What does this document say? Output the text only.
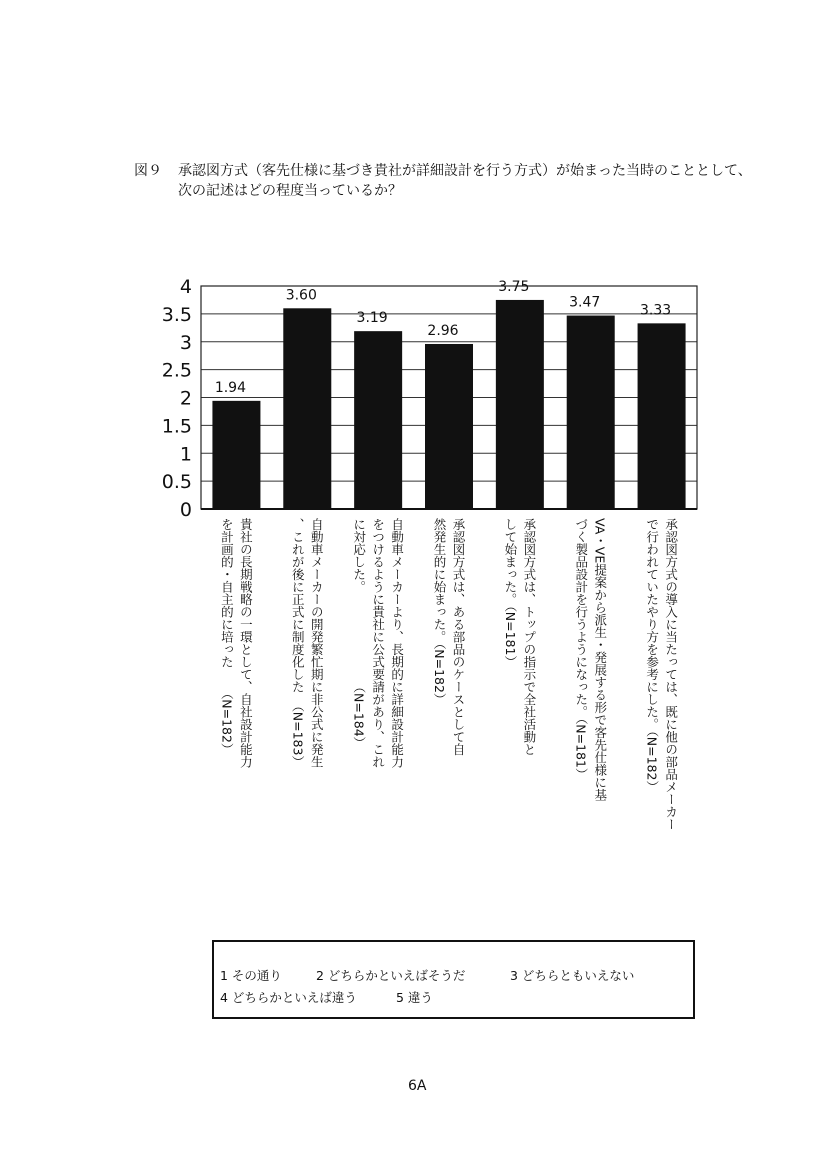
図９ 承認図方式（客先仕様に基づき貴社が詳細設計を行う方式）が始まった当時のこととして、
次の記述はどの程度当っているか？
1.94
3.60
3.19
2.96
3.75
3.47	3.33
0
0.5
1
1.5
2
2.5
3
3.5
4
貴社の長期戦略の一環として、自社設計能力
を計画的・自主的に培った　　（N=182）	自動車メーカーの開発繁忙期に非公式に発生
、これが後に正式に制度化した　（N=183）	自動車メーカーより、長期的に詳細設計能力
をつけるように貴社に公式要請があり、これ
に対応した。　　　　　　　　（N=184）	承認図方式は、ある部品のケースとして自
然発生的に始まった。（N=182）	承認図方式は、トップの指示で全社活動と
して始まった。（N=181）	VA・VE提案から派生・発展する形で客先仕様に基
づく製品設計を行うようになった。（N=181）	承認図方式の導入に当たっては、既に他の部品メーカー
で行われていたやり方を参考にした。（N=182）
1 その通り	2 どちらかといえばそうだ	3 どちらともいえない
4 どちらかといえば違う	5 違う
6A
